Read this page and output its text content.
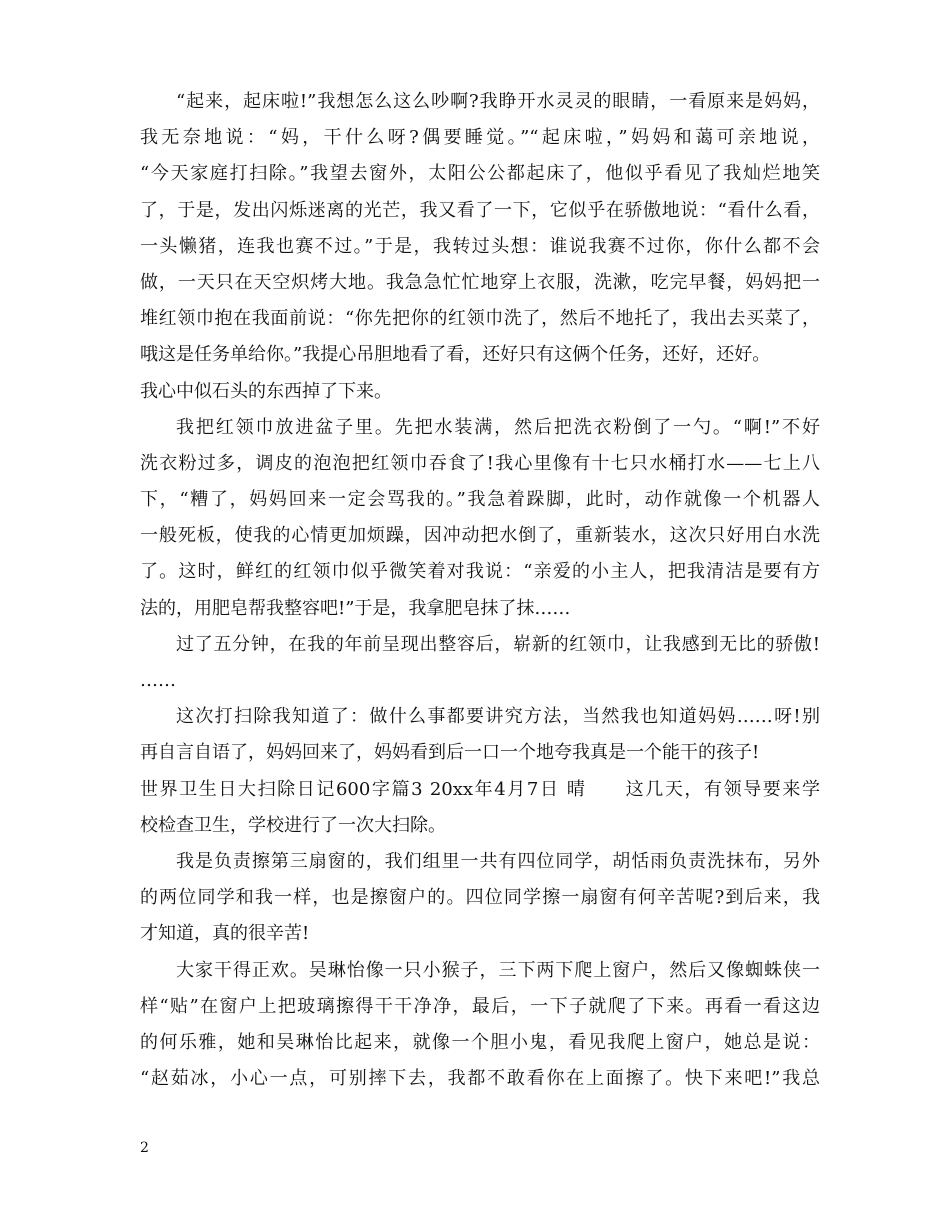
“起来，起床啦!”我想怎么这么吵啊?我睁开水灵灵的眼睛，一看原来是妈妈，
我无奈地说：“妈，干什么呀?偶要睡觉。”“起床啦，”妈妈和蔼可亲地说，
“今天家庭打扫除。”我望去窗外，太阳公公都起床了，他似乎看见了我灿烂地笑
了，于是，发出闪烁迷离的光芒，我又看了一下，它似乎在骄傲地说：“看什么看，
一头懒猪，连我也赛不过。”于是，我转过头想：谁说我赛不过你，你什么都不会
做，一天只在天空炽烤大地。我急急忙忙地穿上衣服，洗漱，吃完早餐，妈妈把一
堆红领巾抱在我面前说：“你先把你的红领巾洗了，然后不地托了，我出去买菜了，
哦这是任务单给你。”我提心吊胆地看了看，还好只有这俩个任务，还好，还好。
我心中似石头的东西掉了下来。
我把红领巾放进盆子里。先把水装满，然后把洗衣粉倒了一勺。“啊!”不好
洗衣粉过多，调皮的泡泡把红领巾吞食了!我心里像有十七只水桶打水——七上八
下，“糟了，妈妈回来一定会骂我的。”我急着跺脚，此时，动作就像一个机器人
一般死板，使我的心情更加烦躁，因冲动把水倒了，重新装水，这次只好用白水洗
了。这时，鲜红的红领巾似乎微笑着对我说：“亲爱的小主人，把我清洁是要有方
法的，用肥皂帮我整容吧!”于是，我拿肥皂抹了抹……
过了五分钟，在我的年前呈现出整容后，崭新的红领巾，让我感到无比的骄傲!
……
这次打扫除我知道了：做什么事都要讲究方法，当然我也知道妈妈……呀!别
再自言自语了，妈妈回来了，妈妈看到后一口一个地夸我真是一个能干的孩子!
世界卫生日大扫除日记600字篇3 20xx年4月7日 晴　　这几天，有领导要来学
校检查卫生，学校进行了一次大扫除。
我是负责擦第三扇窗的，我们组里一共有四位同学，胡恬雨负责洗抹布，另外
的两位同学和我一样，也是擦窗户的。四位同学擦一扇窗有何辛苦呢?到后来，我
才知道，真的很辛苦!
大家干得正欢。吴琳怡像一只小猴子，三下两下爬上窗户，然后又像蜘蛛侠一
样“贴”在窗户上把玻璃擦得干干净净，最后，一下子就爬了下来。再看一看这边
的何乐雅，她和吴琳怡比起来，就像一个胆小鬼，看见我爬上窗户，她总是说：
“赵茹冰，小心一点，可别摔下去，我都不敢看你在上面擦了。快下来吧!”我总
2
